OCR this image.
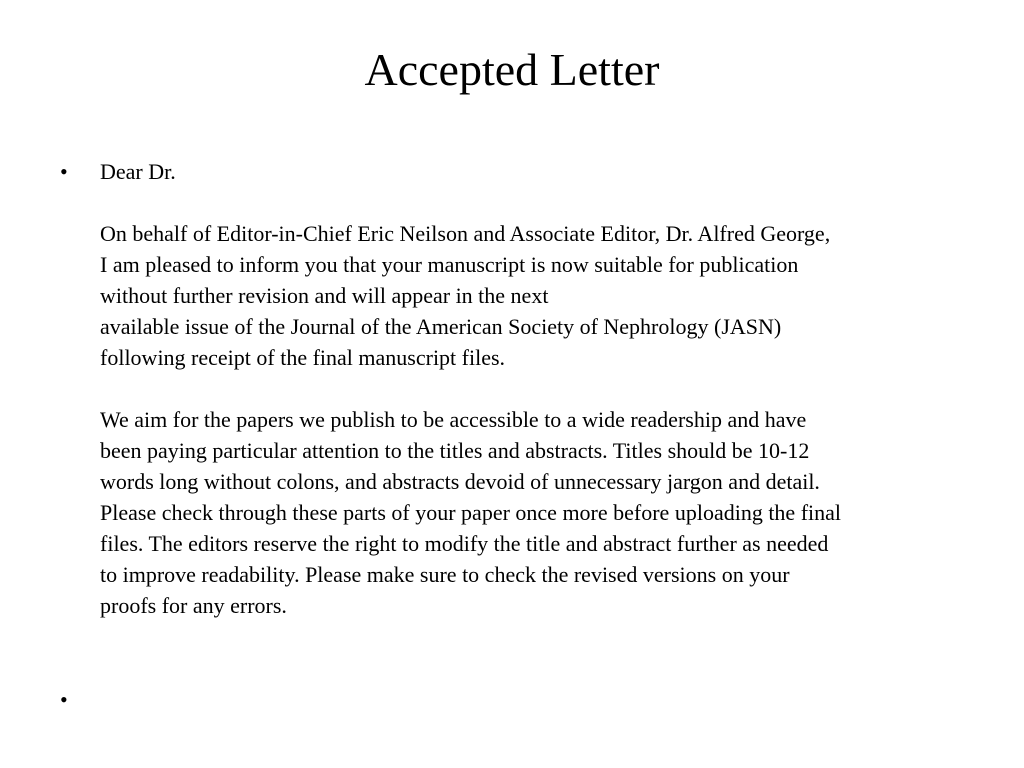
Accepted Letter
•	Dear Dr.
On behalf of Editor-in-Chief Eric Neilson and Associate Editor, Dr. Alfred George,
I am pleased to inform you that your manuscript is now suitable for publication
without further revision and will appear in the next
available issue of the Journal of the American Society of Nephrology (JASN)
following receipt of the final manuscript files.
We aim for the papers we publish to be accessible to a wide readership and have
been paying particular attention to the titles and abstracts. Titles should be 10-12
words long without colons, and abstracts devoid of unnecessary jargon and detail.
Please check through these parts of your paper once more before uploading the final
files. The editors reserve the right to modify the title and abstract further as needed
to improve readability. Please make sure to check the revised versions on your
proofs for any errors.
•
